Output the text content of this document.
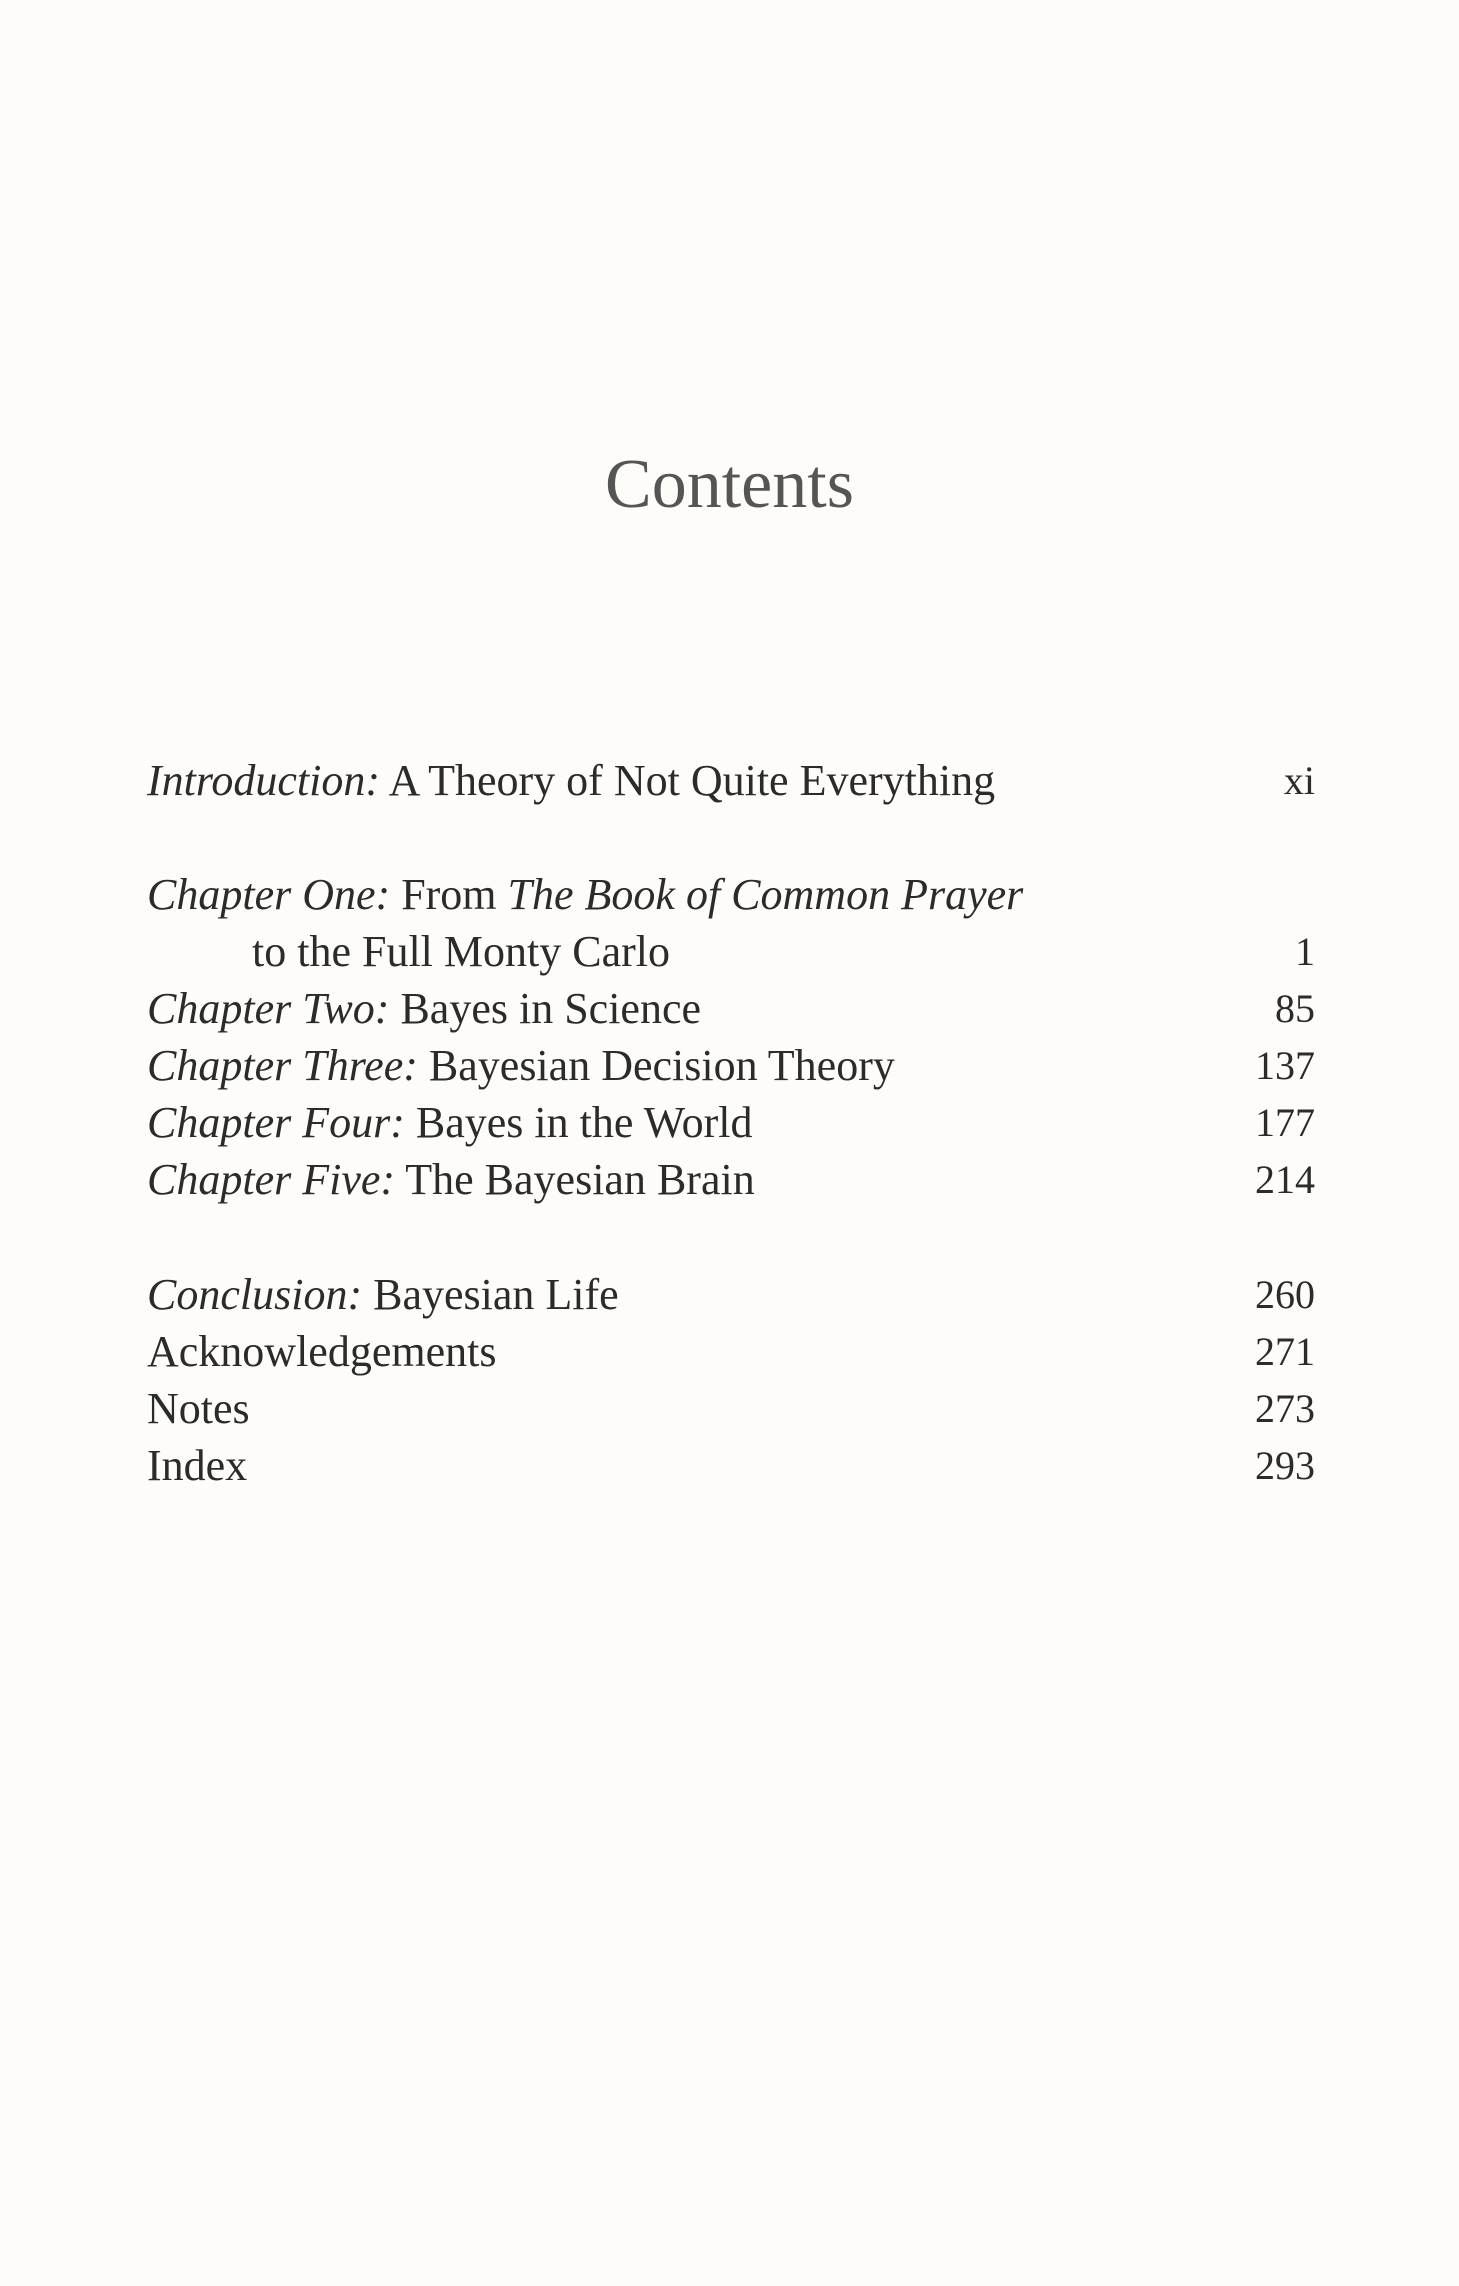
Contents
Introduction: A Theory of Not Quite Everything	xi
Chapter One: From The Book of Common Prayer
to the Full Monty Carlo	1
Chapter Two: Bayes in Science	85
Chapter Three: Bayesian Decision Theory	137
Chapter Four: Bayes in the World	177
Chapter Five: The Bayesian Brain	214
Conclusion: Bayesian Life	260
Acknowledgements	271
Notes	273
Index	293
